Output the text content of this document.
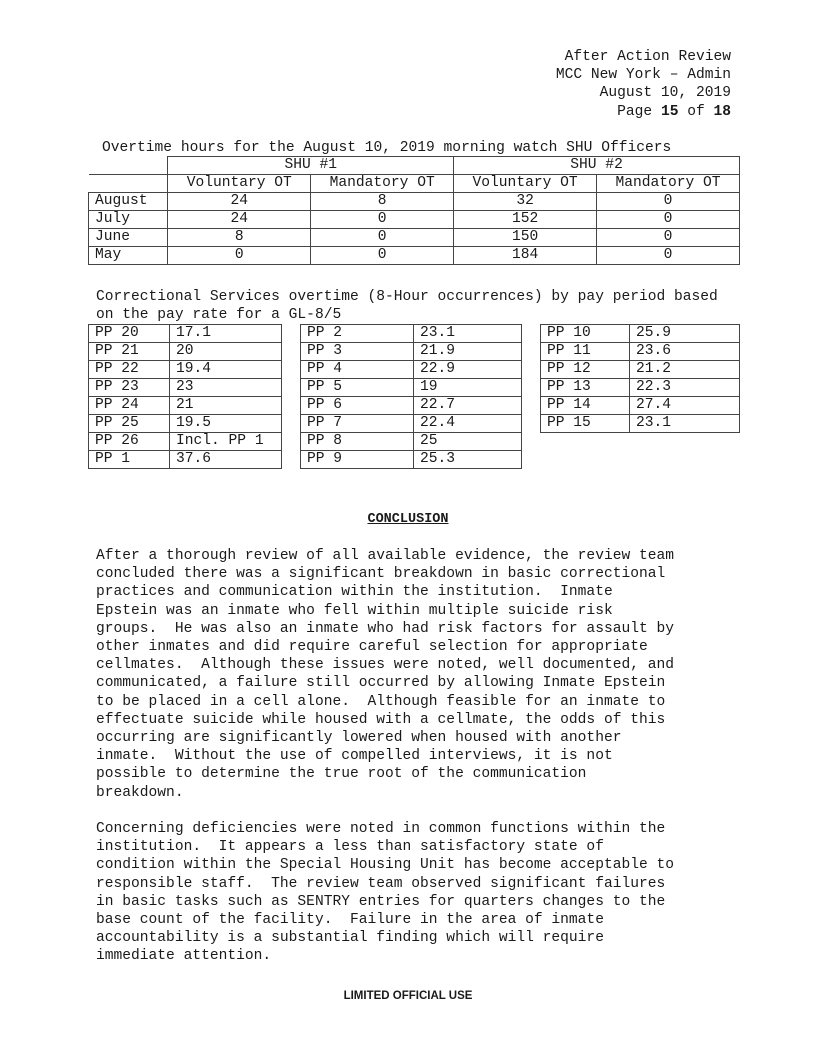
After Action Review
MCC New York – Admin
August 10, 2019
Page 15 of 18
Overtime hours for the August 10, 2019 morning watch SHU Officers
	SHU #1		SHU #2	
	Voluntary OT	Mandatory OT	Voluntary OT	Mandatory OT
August	24	8	32	0
July	24	0	152	0
June	8	0	150	0
May	0	0	184	0
Correctional Services overtime (8-Hour occurrences) by pay period based on the pay rate for a GL-8/5
PP 20	17.1
PP 21	20
PP 22	19.4
PP 23	23
PP 24	21
PP 25	19.5
PP 26	Incl. PP 1
PP 1	37.6
PP 2	23.1
PP 3	21.9
PP 4	22.9
PP 5	19
PP 6	22.7
PP 7	22.4
PP 8	25
PP 9	25.3
PP 10	25.9
PP 11	23.6
PP 12	21.2
PP 13	22.3
PP 14	27.4
PP 15	23.1
CONCLUSION
After a thorough review of all available evidence, the review team
concluded there was a significant breakdown in basic correctional
practices and communication within the institution.  Inmate
Epstein was an inmate who fell within multiple suicide risk
groups.  He was also an inmate who had risk factors for assault by
other inmates and did require careful selection for appropriate
cellmates.  Although these issues were noted, well documented, and
communicated, a failure still occurred by allowing Inmate Epstein
to be placed in a cell alone.  Although feasible for an inmate to
effectuate suicide while housed with a cellmate, the odds of this
occurring are significantly lowered when housed with another
inmate.  Without the use of compelled interviews, it is not
possible to determine the true root of the communication
breakdown.
Concerning deficiencies were noted in common functions within the
institution.  It appears a less than satisfactory state of
condition within the Special Housing Unit has become acceptable to
responsible staff.  The review team observed significant failures
in basic tasks such as SENTRY entries for quarters changes to the
base count of the facility.  Failure in the area of inmate
accountability is a substantial finding which will require
immediate attention.
LIMITED OFFICIAL USE
